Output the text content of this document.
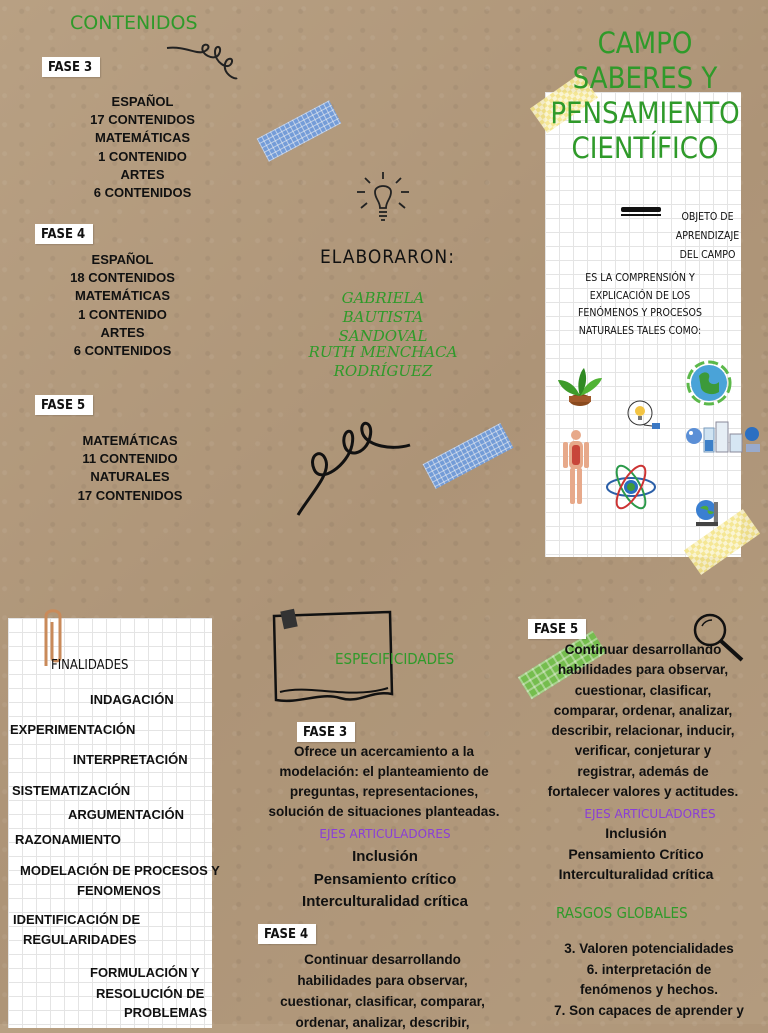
CONTENIDOS
FASE 3
ESPAÑOL
17 CONTENIDOS
MATEMÁTICAS
1 CONTENIDO
ARTES
6 CONTENIDOS
FASE 4
ESPAÑOL
18 CONTENIDOS
MATEMÁTICAS
1 CONTENIDO
ARTES
6 CONTENIDOS
FASE 5
MATEMÁTICAS
11 CONTENIDO
NATURALES
17 CONTENIDOS
ELABORARON:
GABRIELA BAUTISTA
SANDOVAL
RUTH MENCHACA
RODRÍGUEZ
CAMPO
SABERES Y
PENSAMIENTO
CIENTÍFICO
OBJETO DE
APRENDIZAJE
DEL CAMPO
ES LA COMPRENSIÓN Y
EXPLICACIÓN DE LOS
FENÓMENOS Y PROCESOS
NATURALES TALES COMO:
FINALIDADES
INDAGACIÓN
EXPERIMENTACIÓN
INTERPRETACIÓN
SISTEMATIZACIÓN
ARGUMENTACIÓN
RAZONAMIENTO
MODELACIÓN DE PROCESOS Y
FENOMENOS
IDENTIFICACIÓN DE
REGULARIDADES
FORMULACIÓN Y
RESOLUCIÓN DE
PROBLEMAS
ESPECIFICIDADES
FASE 3
Ofrece un acercamiento a la
modelación: el planteamiento de
preguntas, representaciones,
solución de situaciones planteadas.
EJES ARTICULADORES
Inclusión
Pensamiento crítico
Interculturalidad crítica
FASE 4
Continuar desarrollando
habilidades para observar,
cuestionar, clasificar, comparar,
ordenar, analizar, describir,
FASE 5
Continuar desarrollando
habilidades para observar,
cuestionar, clasificar,
comparar, ordenar, analizar,
describir, relacionar, inducir,
verificar, conjeturar y
registrar, además de
fortalecer valores y actitudes.
EJES ARTICULADORES
Inclusión
Pensamiento Crítico
Interculturalidad crítica
RASGOS GLOBALES
3. Valoren potencialidades
6. interpretación de
fenómenos y hechos.
7. Son capaces de aprender y
